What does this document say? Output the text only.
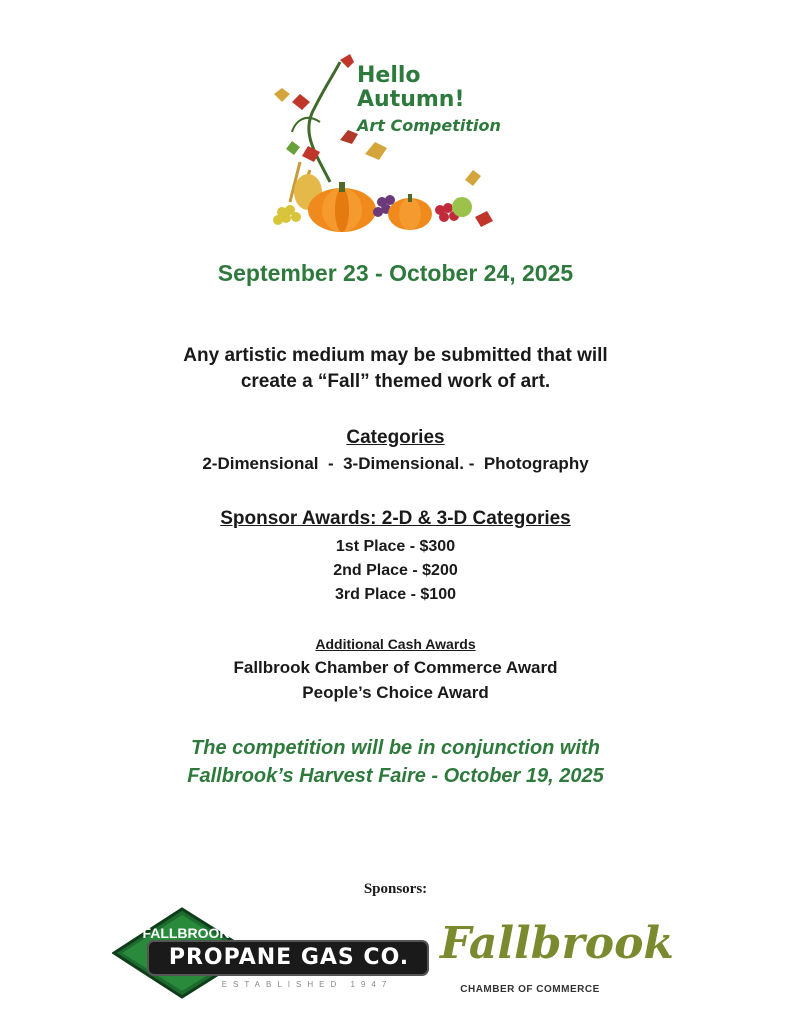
Hello
Autumn!
Art Competition
September 23 - October 24, 2025
Any artistic medium may be submitted that will
create a “Fall” themed work of art.
Categories
2-Dimensional  -  3-Dimensional. -  Photography
Sponsor Awards: 2-D & 3-D Categories
1st Place - $300
2nd Place - $200
3rd Place - $100
Additional Cash Awards
Fallbrook Chamber of Commerce Award
People’s Choice Award
The competition will be in conjunction with
Fallbrook’s Harvest Faire - October 19, 2025
Sponsors:
FALLBROOK
PROPANE GAS CO.
ESTABLISHED 1947
Fallbrook
CHAMBER OF COMMERCE
